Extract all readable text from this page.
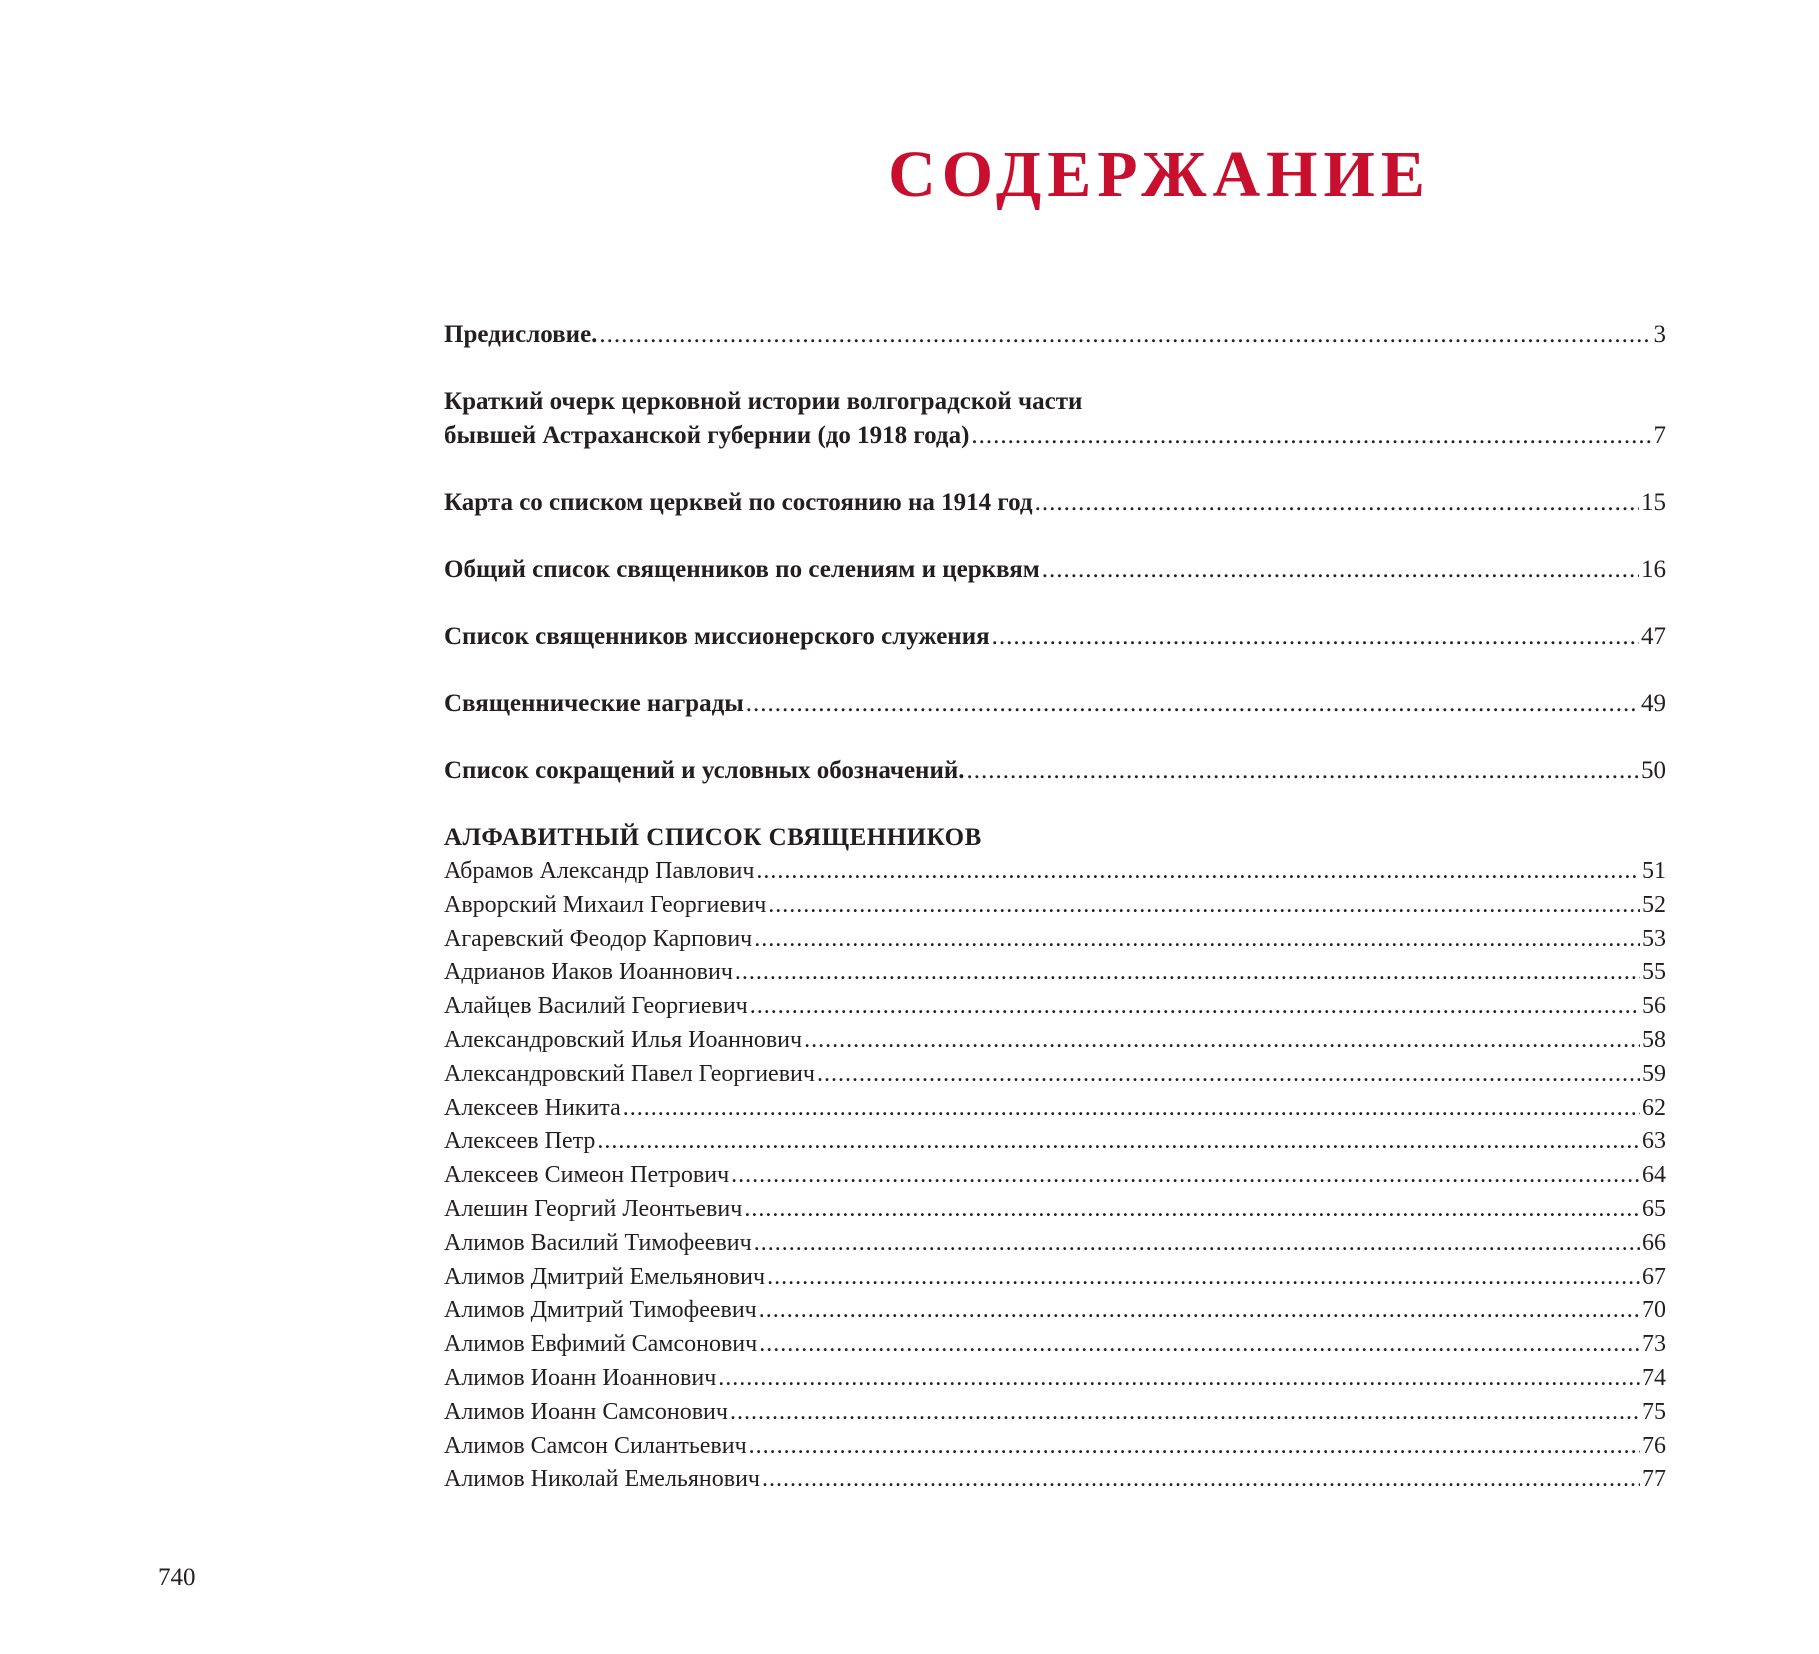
СОДЕРЖАНИЕ
Предисловие. .....	3
Краткий очерк церковной истории волгоградской части
бывшей Астраханской губернии (до 1918 года) .....	7
Карта со списком церквей по состоянию на 1914 год .....	15
Общий список священников по селениям и церквям .....	16
Список священников миссионерского служения .....	47
Священнические награды .....	49
Список сокращений и условных обозначений. .....	50
АЛФАВИТНЫЙ СПИСОК СВЯЩЕННИКОВ
Абрамов Александр Павлович .....	51
Аврорский Михаил Георгиевич .....	52
Агаревский Феодор Карпович .....	53
Адрианов Иаков Иоаннович .....	55
Алайцев Василий Георгиевич .....	56
Александровский Илья Иоаннович .....	58
Александровский Павел Георгиевич .....	59
Алексеев Никита .....	62
Алексеев Петр .....	63
Алексеев Симеон Петрович .....	64
Алешин Георгий Леонтьевич .....	65
Алимов Василий Тимофеевич .....	66
Алимов Дмитрий Емельянович .....	67
Алимов Дмитрий Тимофеевич .....	70
Алимов Евфимий Самсонович .....	73
Алимов Иоанн Иоаннович .....	74
Алимов Иоанн Самсонович .....	75
Алимов Самсон Силантьевич .....	76
Алимов Николай Емельянович .....	77
740
